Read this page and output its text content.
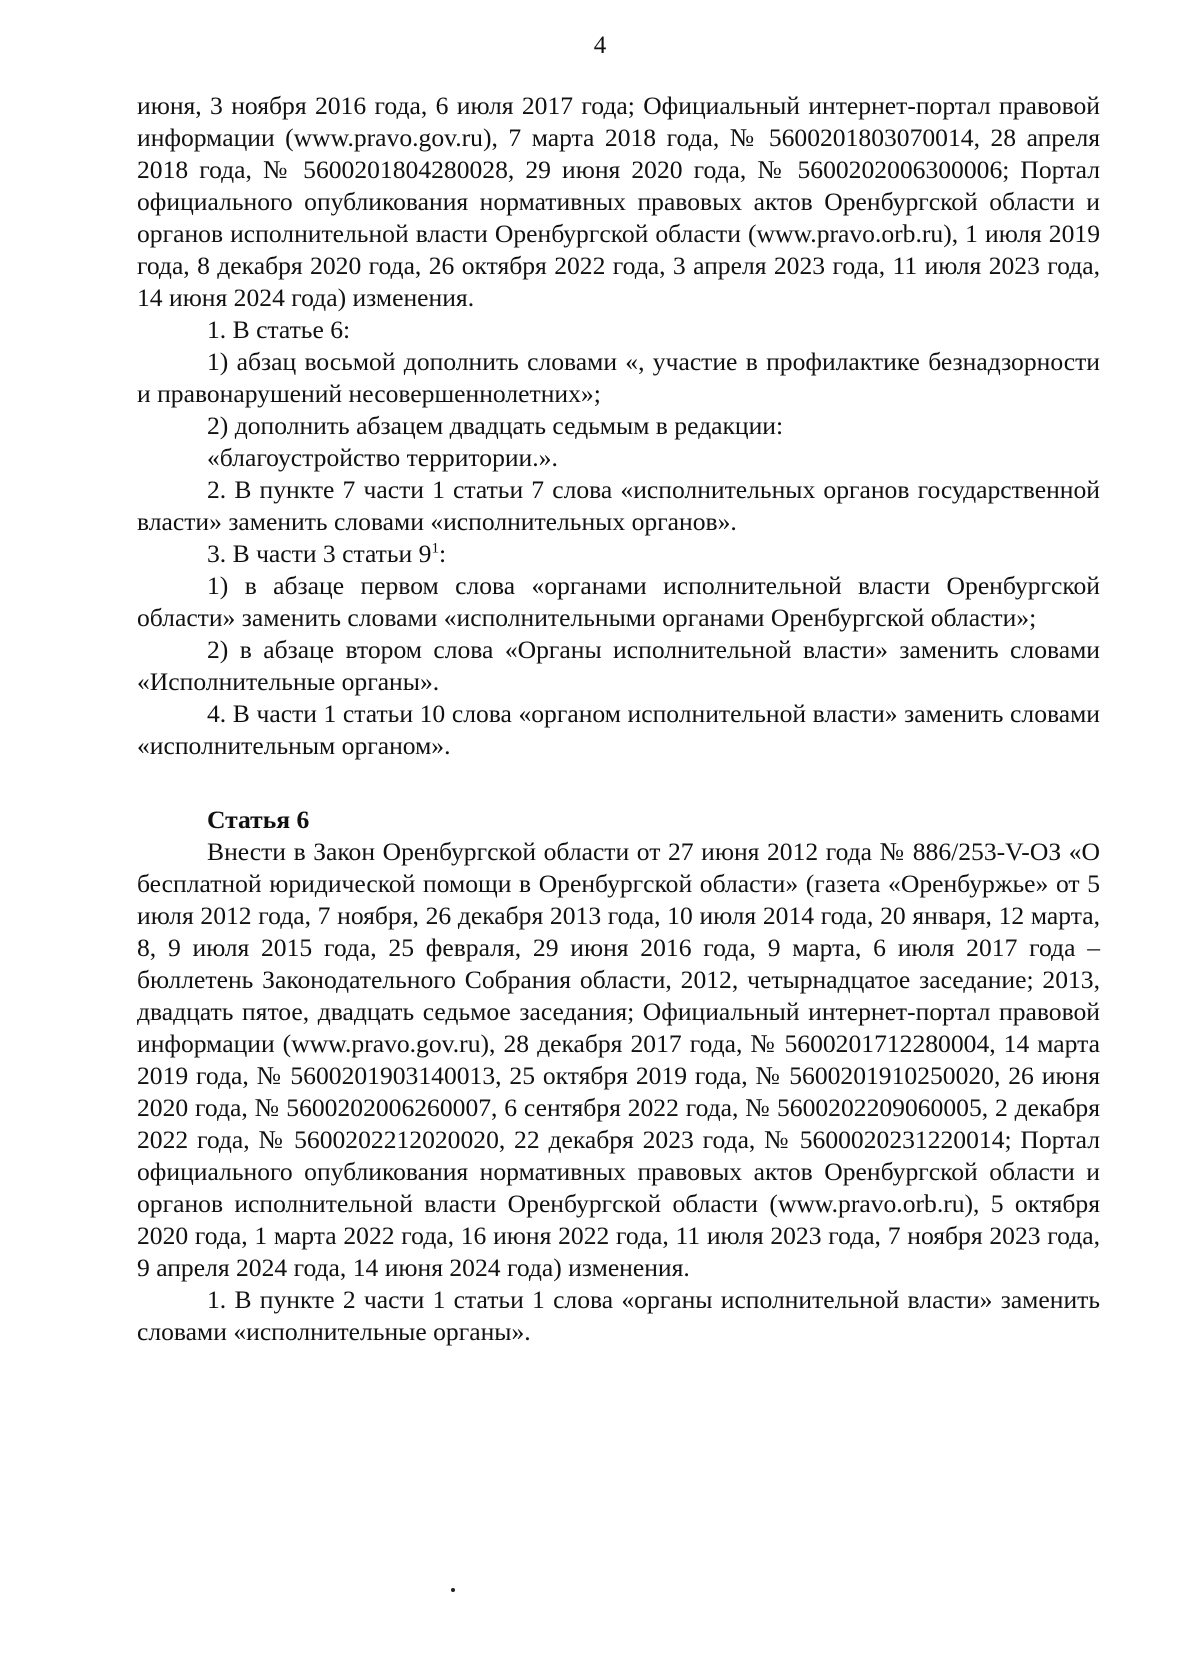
4

июня, 3 ноября 2016 года, 6 июля 2017 года; Официальный интернет-портал правовой информации (www.pravo.gov.ru), 7 марта 2018 года, № 5600201803070014, 28 апреля 2018 года, № 5600201804280028, 29 июня 2020 года, № 5600202006300006; Портал официального опубликования нормативных правовых актов Оренбургской области и органов исполнительной власти Оренбургской области (www.pravo.orb.ru), 1 июля 2019 года, 8 декабря 2020 года, 26 октября 2022 года, 3 апреля 2023 года, 11 июля 2023 года, 14 июня 2024 года) изменения.

1. В статье 6:

1) абзац восьмой дополнить словами «, участие в профилактике безнадзорности и правонарушений несовершеннолетних»;

2) дополнить абзацем двадцать седьмым в редакции:

«благоустройство территории.».

2. В пункте 7 части 1 статьи 7 слова «исполнительных органов государственной власти» заменить словами «исполнительных органов».

3. В части 3 статьи $9^1$:

1) в абзаце первом слова «органами исполнительной власти Оренбургской области» заменить словами «исполнительными органами Оренбургской области»;

2) в абзаце втором слова «Органы исполнительной власти» заменить словами «Исполнительные органы».

4. В части 1 статьи 10 слова «органом исполнительной власти» заменить словами «исполнительным органом».

Статья 6

Внести в Закон Оренбургской области от 27 июня 2012 года № 886/253-V-ОЗ «О бесплатной юридической помощи в Оренбургской области» (газета «Оренбуржье» от 5 июля 2012 года, 7 ноября, 26 декабря 2013 года, 10 июля 2014 года, 20 января, 12 марта, 8, 9 июля 2015 года, 25 февраля, 29 июня 2016 года, 9 марта, 6 июля 2017 года – бюллетень Законодательного Собрания области, 2012, четырнадцатое заседание; 2013, двадцать пятое, двадцать седьмое заседания; Официальный интернет-портал правовой информации (www.pravo.gov.ru), 28 декабря 2017 года, № 5600201712280004, 14 марта 2019 года, № 5600201903140013, 25 октября 2019 года, № 5600201910250020, 26 июня 2020 года, № 5600202006260007, 6 сентября 2022 года, № 5600202209060005, 2 декабря 2022 года, № 5600202212020020, 22 декабря 2023 года, № 5600020231220014; Портал официального опубликования нормативных правовых актов Оренбургской области и органов исполнительной власти Оренбургской области (www.pravo.orb.ru), 5 октября 2020 года, 1 марта 2022 года, 16 июня 2022 года, 11 июля 2023 года, 7 ноября 2023 года, 9 апреля 2024 года, 14 июня 2024 года) изменения.

1. В пункте 2 части 1 статьи 1 слова «органы исполнительной власти» заменить словами «исполнительные органы».
